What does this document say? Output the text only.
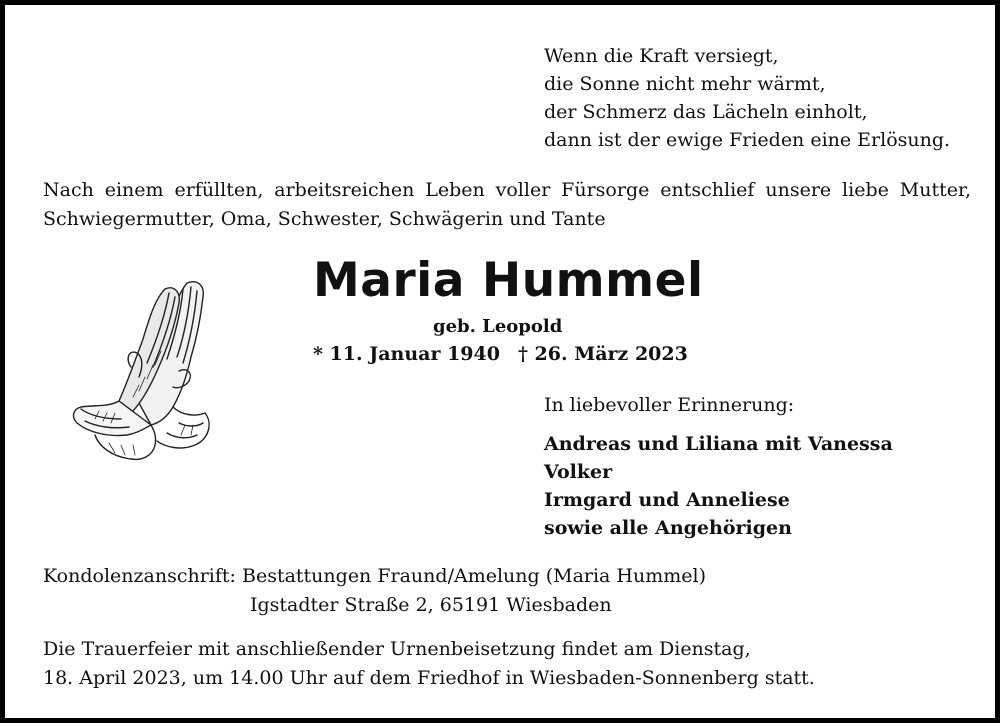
Wenn die Kraft versiegt,
die Sonne nicht mehr wärmt,
der Schmerz das Lächeln einholt,
dann ist der ewige Frieden eine Erlösung.
Nach einem erfüllten, arbeitsreichen Leben voller Fürsorge entschlief unsere liebe Mutter,
Schwiegermutter, Oma, Schwester, Schwägerin und Tante
Maria Hummel
geb. Leopold
* 11. Januar 1940 † 26. März 2023
In liebevoller Erinnerung:
Andreas und Liliana mit Vanessa
Volker
Irmgard und Anneliese
sowie alle Angehörigen
Kondolenzanschrift: Bestattungen Fraund/Amelung (Maria Hummel)
Igstadter Straße 2, 65191 Wiesbaden
Die Trauerfeier mit anschließender Urnenbeisetzung findet am Dienstag,
18. April 2023, um 14.00 Uhr auf dem Friedhof in Wiesbaden-Sonnenberg statt.
